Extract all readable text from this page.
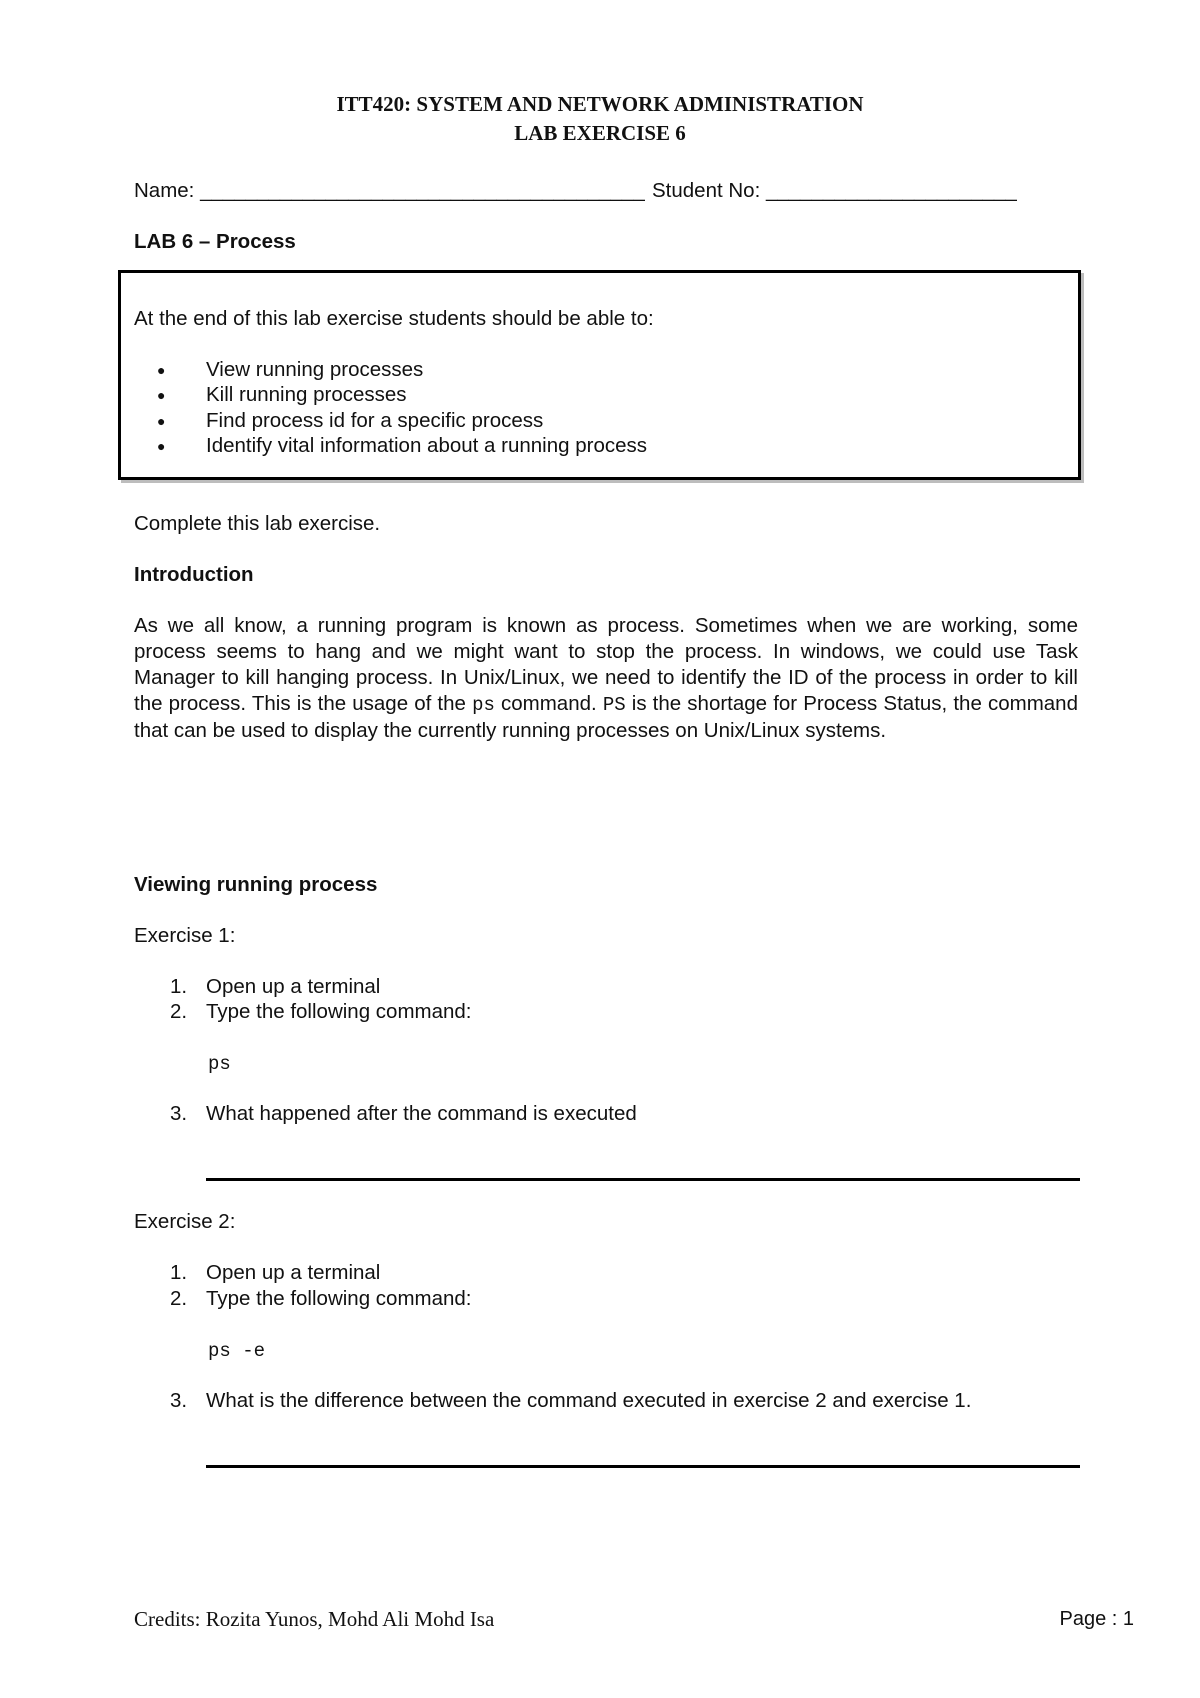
ITT420: SYSTEM AND NETWORK ADMINISTRATION
LAB EXERCISE 6
Name: _______________________________________ Student No: ______________________
LAB 6 – Process
At the end of this lab exercise students should be able to:
● View running processes
● Kill running processes
● Find process id for a specific process
● Identify vital information about a running process
Complete this lab exercise.
Introduction
As we all know, a running program is known as process. Sometimes when we are working, some process seems to hang and we might want to stop the process. In windows, we could use Task Manager to kill hanging process. In Unix/Linux, we need to identify the ID of the process in order to kill the process. This is the usage of the ps command. PS is the shortage for Process Status, the command that can be used to display the currently running processes on Unix/Linux systems.
Viewing running process
Exercise 1:
1. Open up a terminal
2. Type the following command:
ps
3. What happened after the command is executed
Exercise 2:
1. Open up a terminal
2. Type the following command:
ps -e
3. What is the difference between the command executed in exercise 2 and exercise 1.
Credits: Rozita Yunos, Mohd Ali Mohd Isa	Page : 1
